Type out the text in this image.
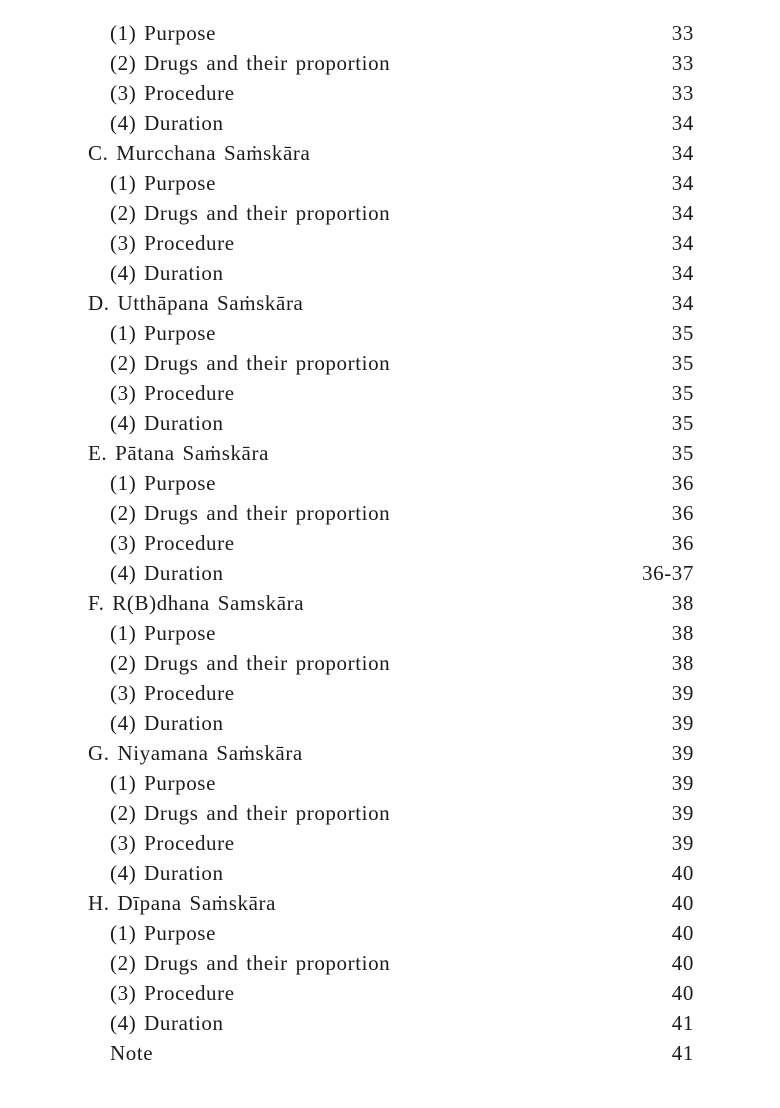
(1) Purpose	33
(2) Drugs and their proportion	33
(3) Procedure	33
(4) Duration	34
C. Murcchana Saṁskāra	34
(1) Purpose	34
(2) Drugs and their proportion	34
(3) Procedure	34
(4) Duration	34
D. Utthāpana Saṁskāra	34
(1) Purpose	35
(2) Drugs and their proportion	35
(3) Procedure	35
(4) Duration	35
E. Pātana Saṁskāra	35
(1) Purpose	36
(2) Drugs and their proportion	36
(3) Procedure	36
(4) Duration	36-37
F. R(B)dhana Samskāra	38
(1) Purpose	38
(2) Drugs and their proportion	38
(3) Procedure	39
(4) Duration	39
G. Niyamana Saṁskāra	39
(1) Purpose	39
(2) Drugs and their proportion	39
(3) Procedure	39
(4) Duration	40
H. Dīpana Saṁskāra	40
(1) Purpose	40
(2) Drugs and their proportion	40
(3) Procedure	40
(4) Duration	41
Note	41
